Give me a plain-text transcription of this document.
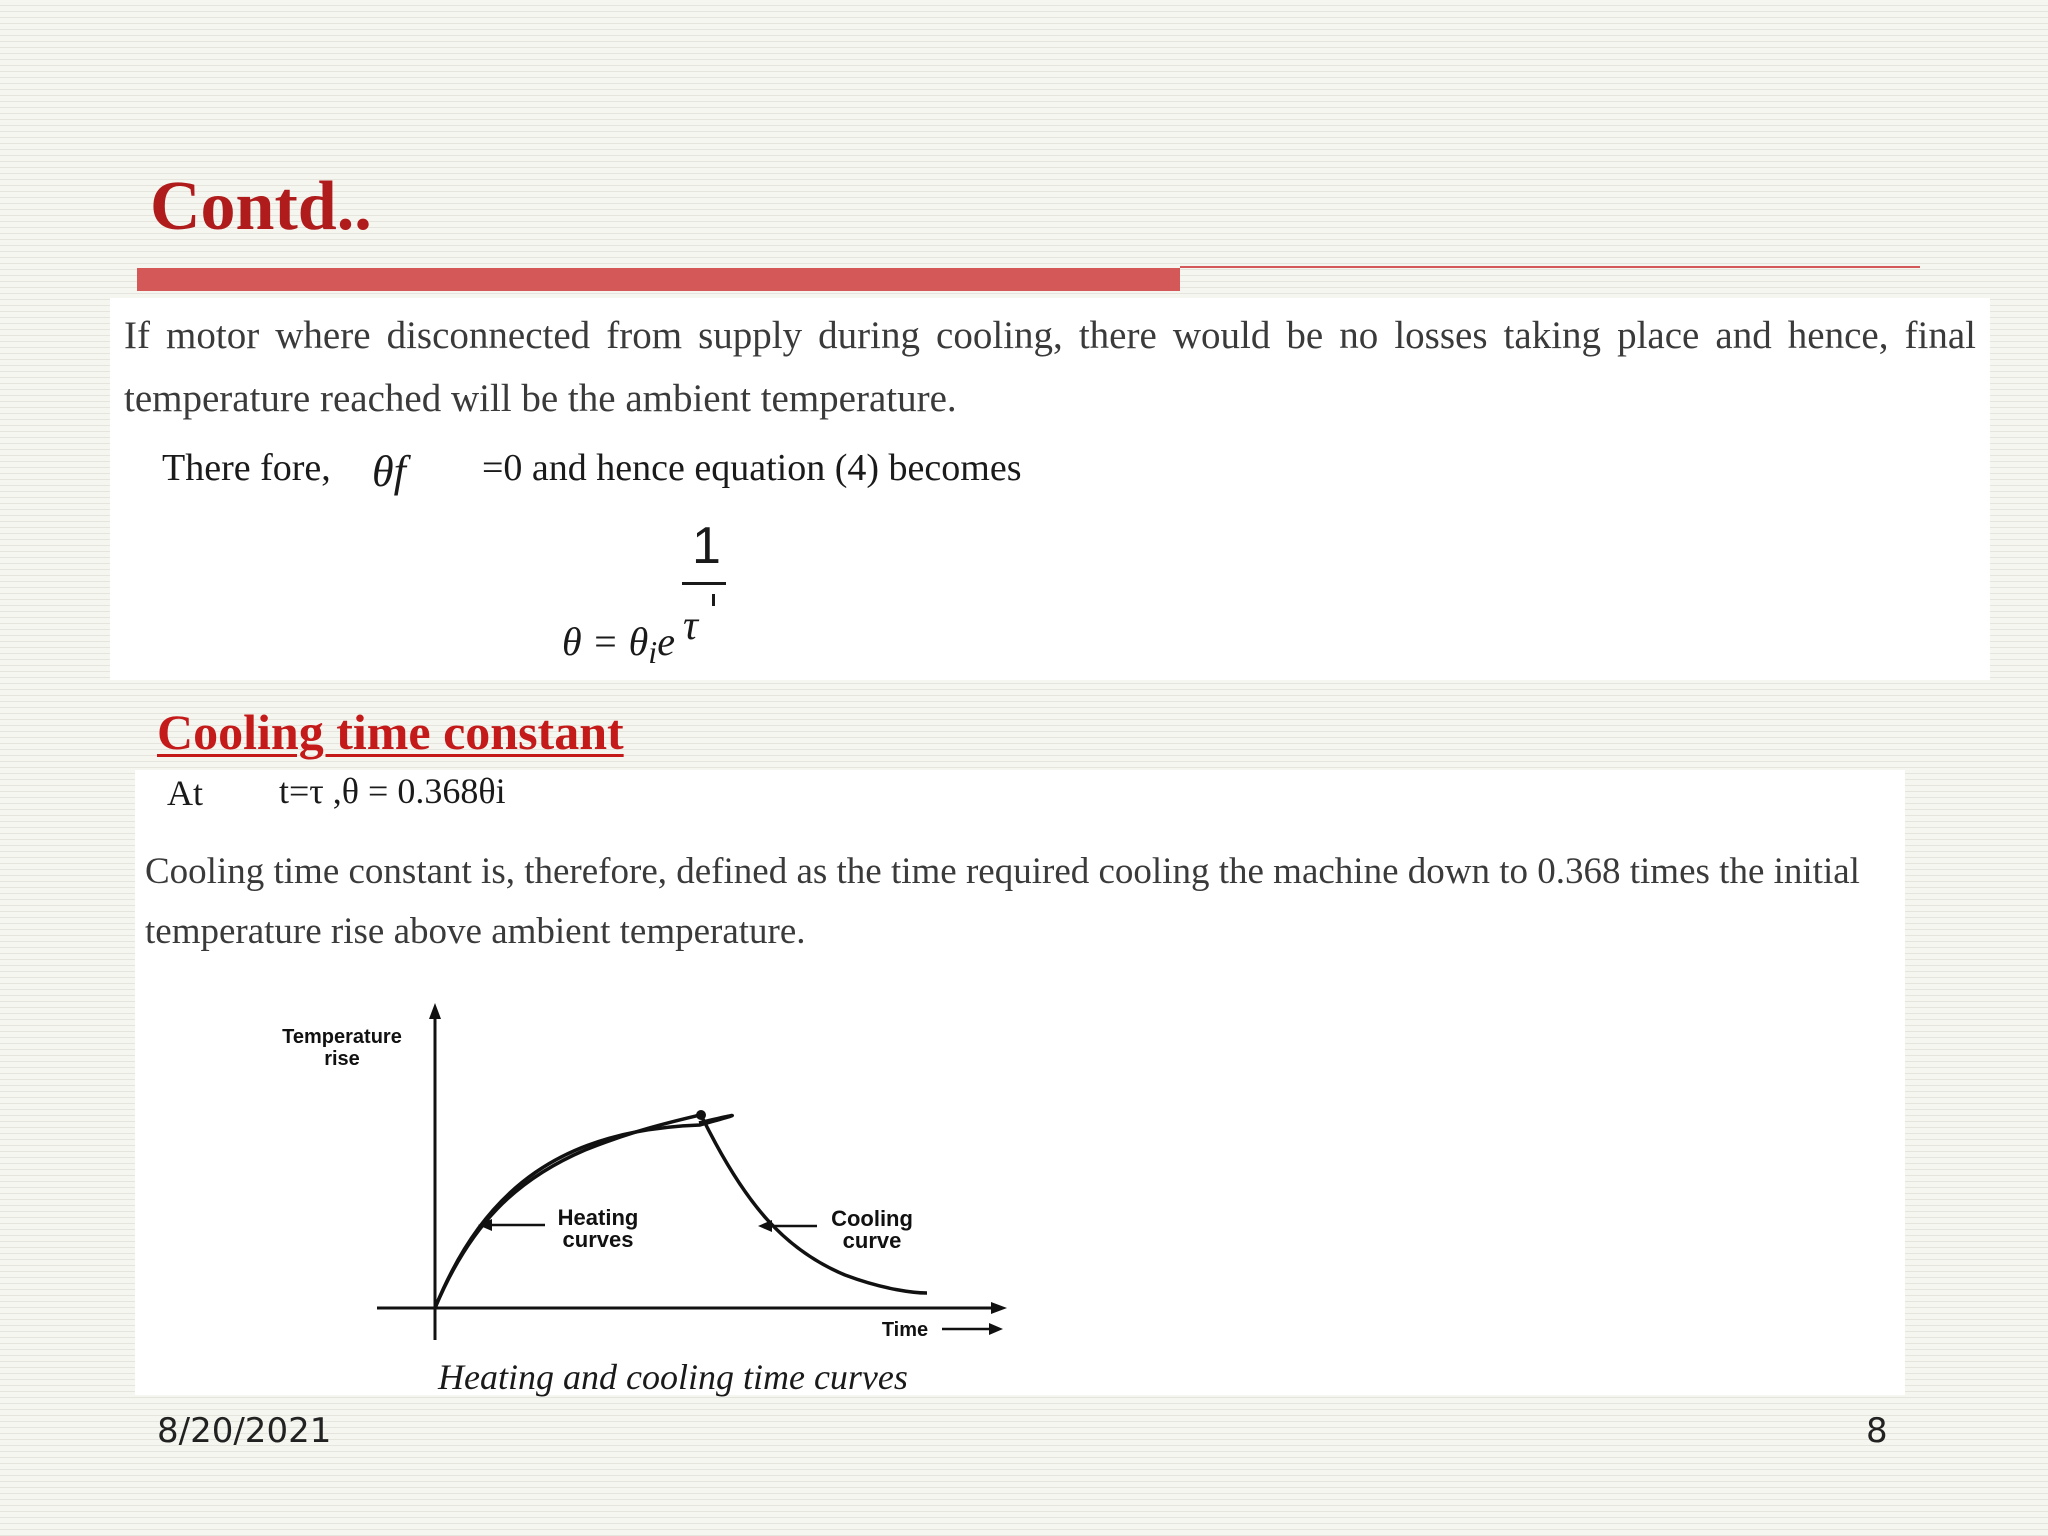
Contd..
If motor where disconnected from supply during cooling, there would be no losses taking place and hence, final temperature reached will be the ambient temperature.
There fore, θf =0 and hence equation (4) becomes
1
$\theta = \theta_ie$ τ
Cooling time constant
At t=τ ,θ = 0.368θi
Cooling time constant is, therefore, defined as the time required cooling the machine down to 0.368 times the initial temperature rise above ambient temperature.
Temperature
rise
Heating
curves
Cooling
curve
Time
Heating and cooling time curves
8/20/2021	8
